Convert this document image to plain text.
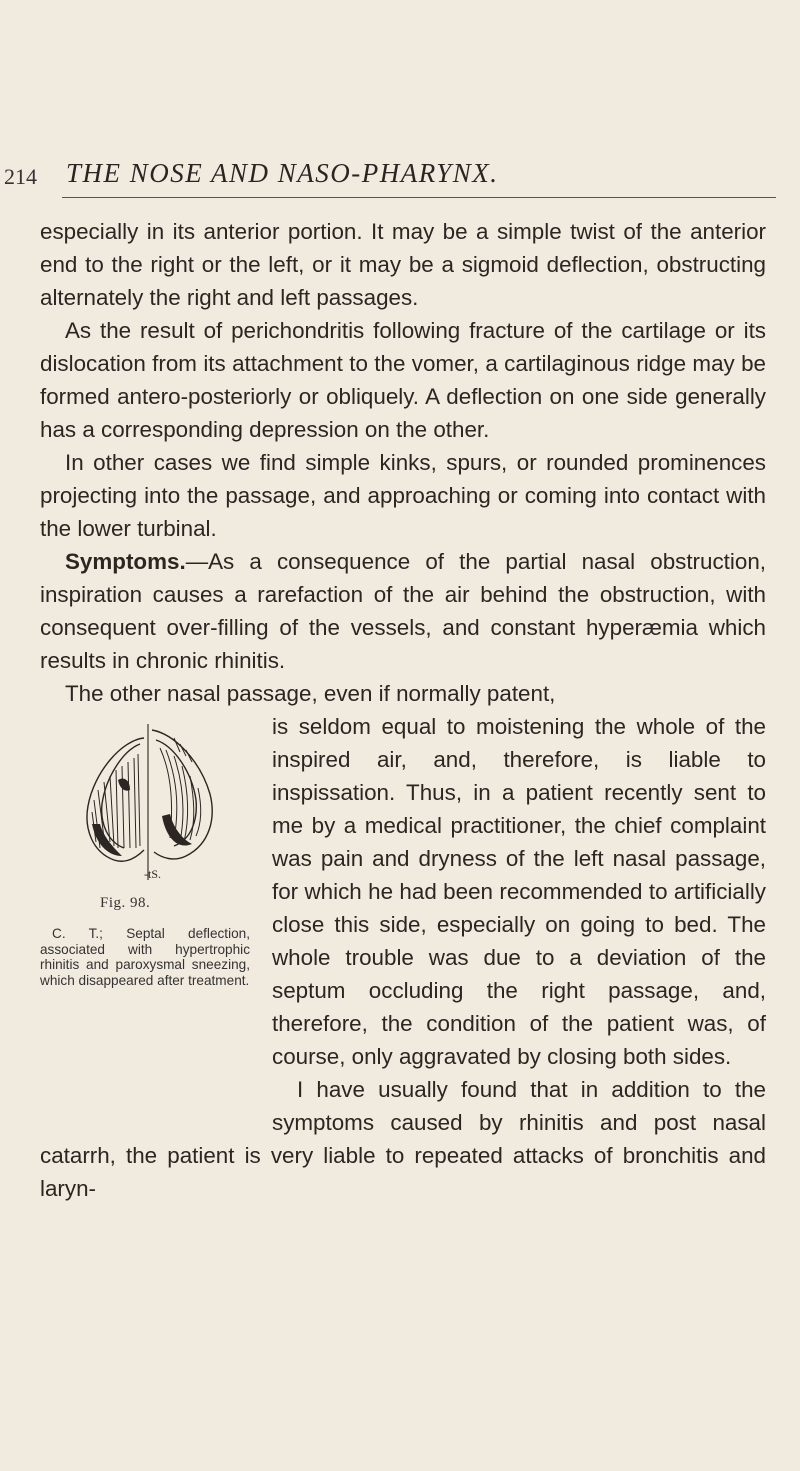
214 THE NOSE AND NASO-PHARYNX.

especially in its anterior portion. It may be a simple twist of the anterior end to the right or the left, or it may be a sigmoid deflection, obstructing alternately the right and left passages.

As the result of perichondritis following fracture of the cartilage or its dislocation from its attachment to the vomer, a cartilaginous ridge may be formed antero-posteriorly or obliquely. A deflection on one side generally has a corresponding depression on the other.

In other cases we find simple kinks, spurs, or rounded prominences projecting into the passage, and approaching or coming into contact with the lower turbinal.

Symptoms.—As a consequence of the partial nasal obstruction, inspiration causes a rarefaction of the air behind the obstruction, with consequent over-filling of the vessels, and constant hyperæmia which results in chronic rhinitis.

The other nasal passage, even if normally patent,

-tS.
Fig. 98.
C. T.; Septal deflection, associated with hypertrophic rhinitis and paroxysmal sneezing, which disappeared after treatment.

is seldom equal to moistening the whole of the inspired air, and, therefore, is liable to inspissation. Thus, in a patient recently sent to me by a medical practitioner, the chief complaint was pain and dryness of the left nasal passage, for which he had been recommended to artificially close this side, especially on going to bed. The whole trouble was due to a deviation of the septum occluding the right passage, and, therefore, the condition of the patient was, of course, only aggravated by closing both sides.

I have usually found that in addition to the symptoms caused by rhinitis and post nasal catarrh, the patient is very liable to repeated attacks of bronchitis and laryn-
